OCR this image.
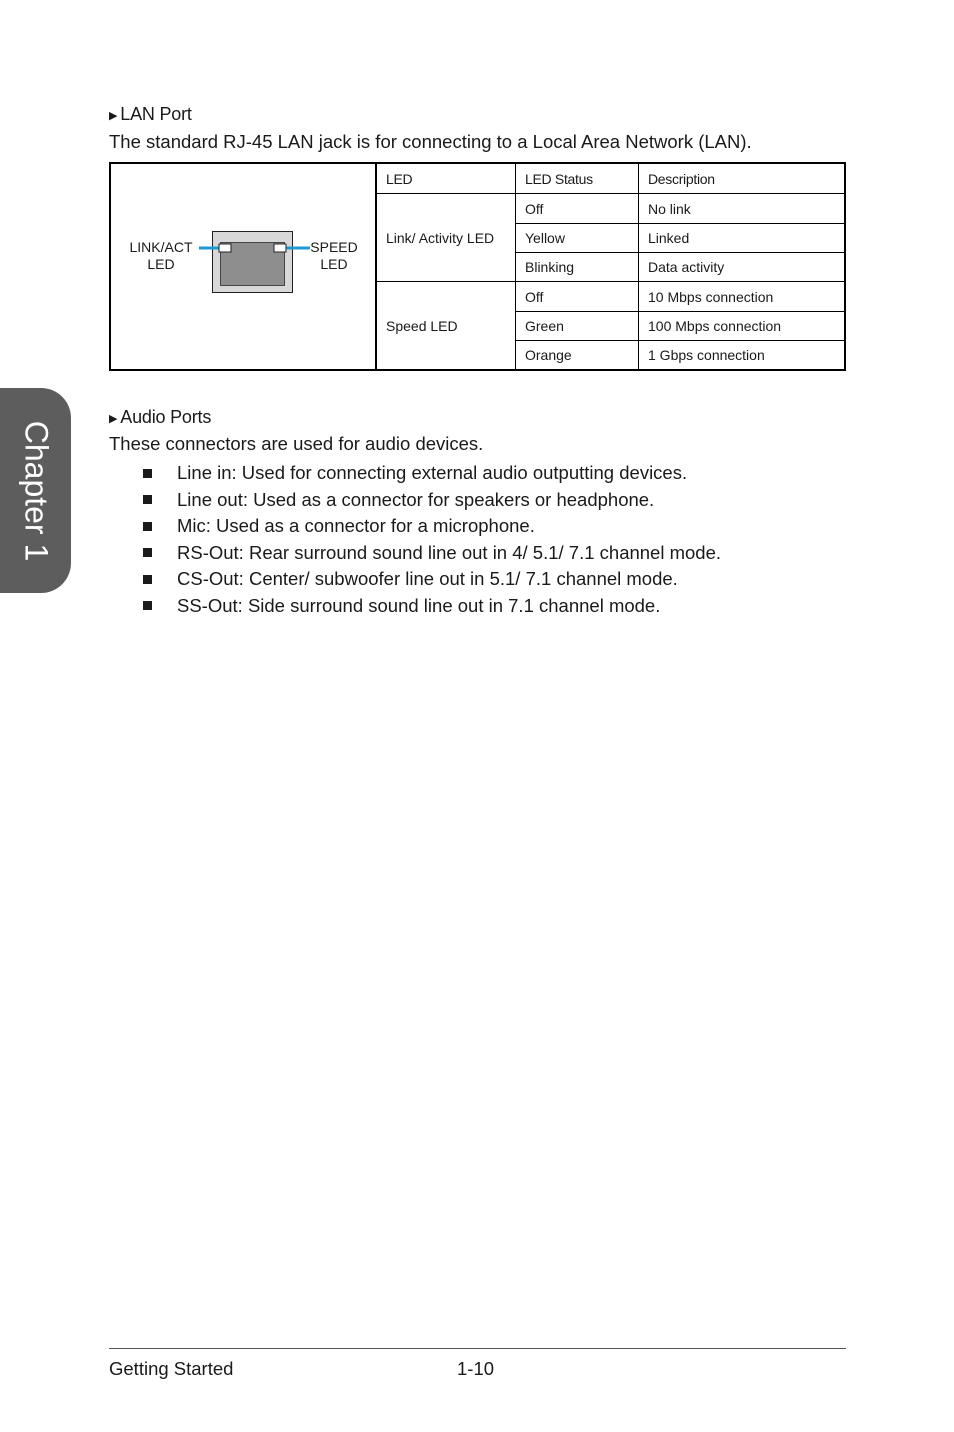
Chapter 1
▶ LAN Port

The standard RJ-45 LAN jack is for connecting to a Local Area Network (LAN).

LINK/ACT
LED
SPEED
LED	LED	LED Status	Description
	Link/ Activity LED	Off	No link
		Yellow	Linked
		Blinking	Data activity
	Speed LED	Off	10 Mbps connection
		Green	100 Mbps connection
		Orange	1 Gbps connection
▶ Audio Ports

These connectors are used for audio devices.

Line in: Used for connecting external audio outputting devices.
Line out: Used as a connector for speakers or headphone.
Mic: Used as a connector for a microphone.
RS-Out: Rear surround sound line out in 4/ 5.1/ 7.1 channel mode.
CS-Out: Center/ subwoofer line out in 5.1/ 7.1 channel mode.
SS-Out: Side surround sound line out in 7.1 channel mode.

Getting Started	1-10
